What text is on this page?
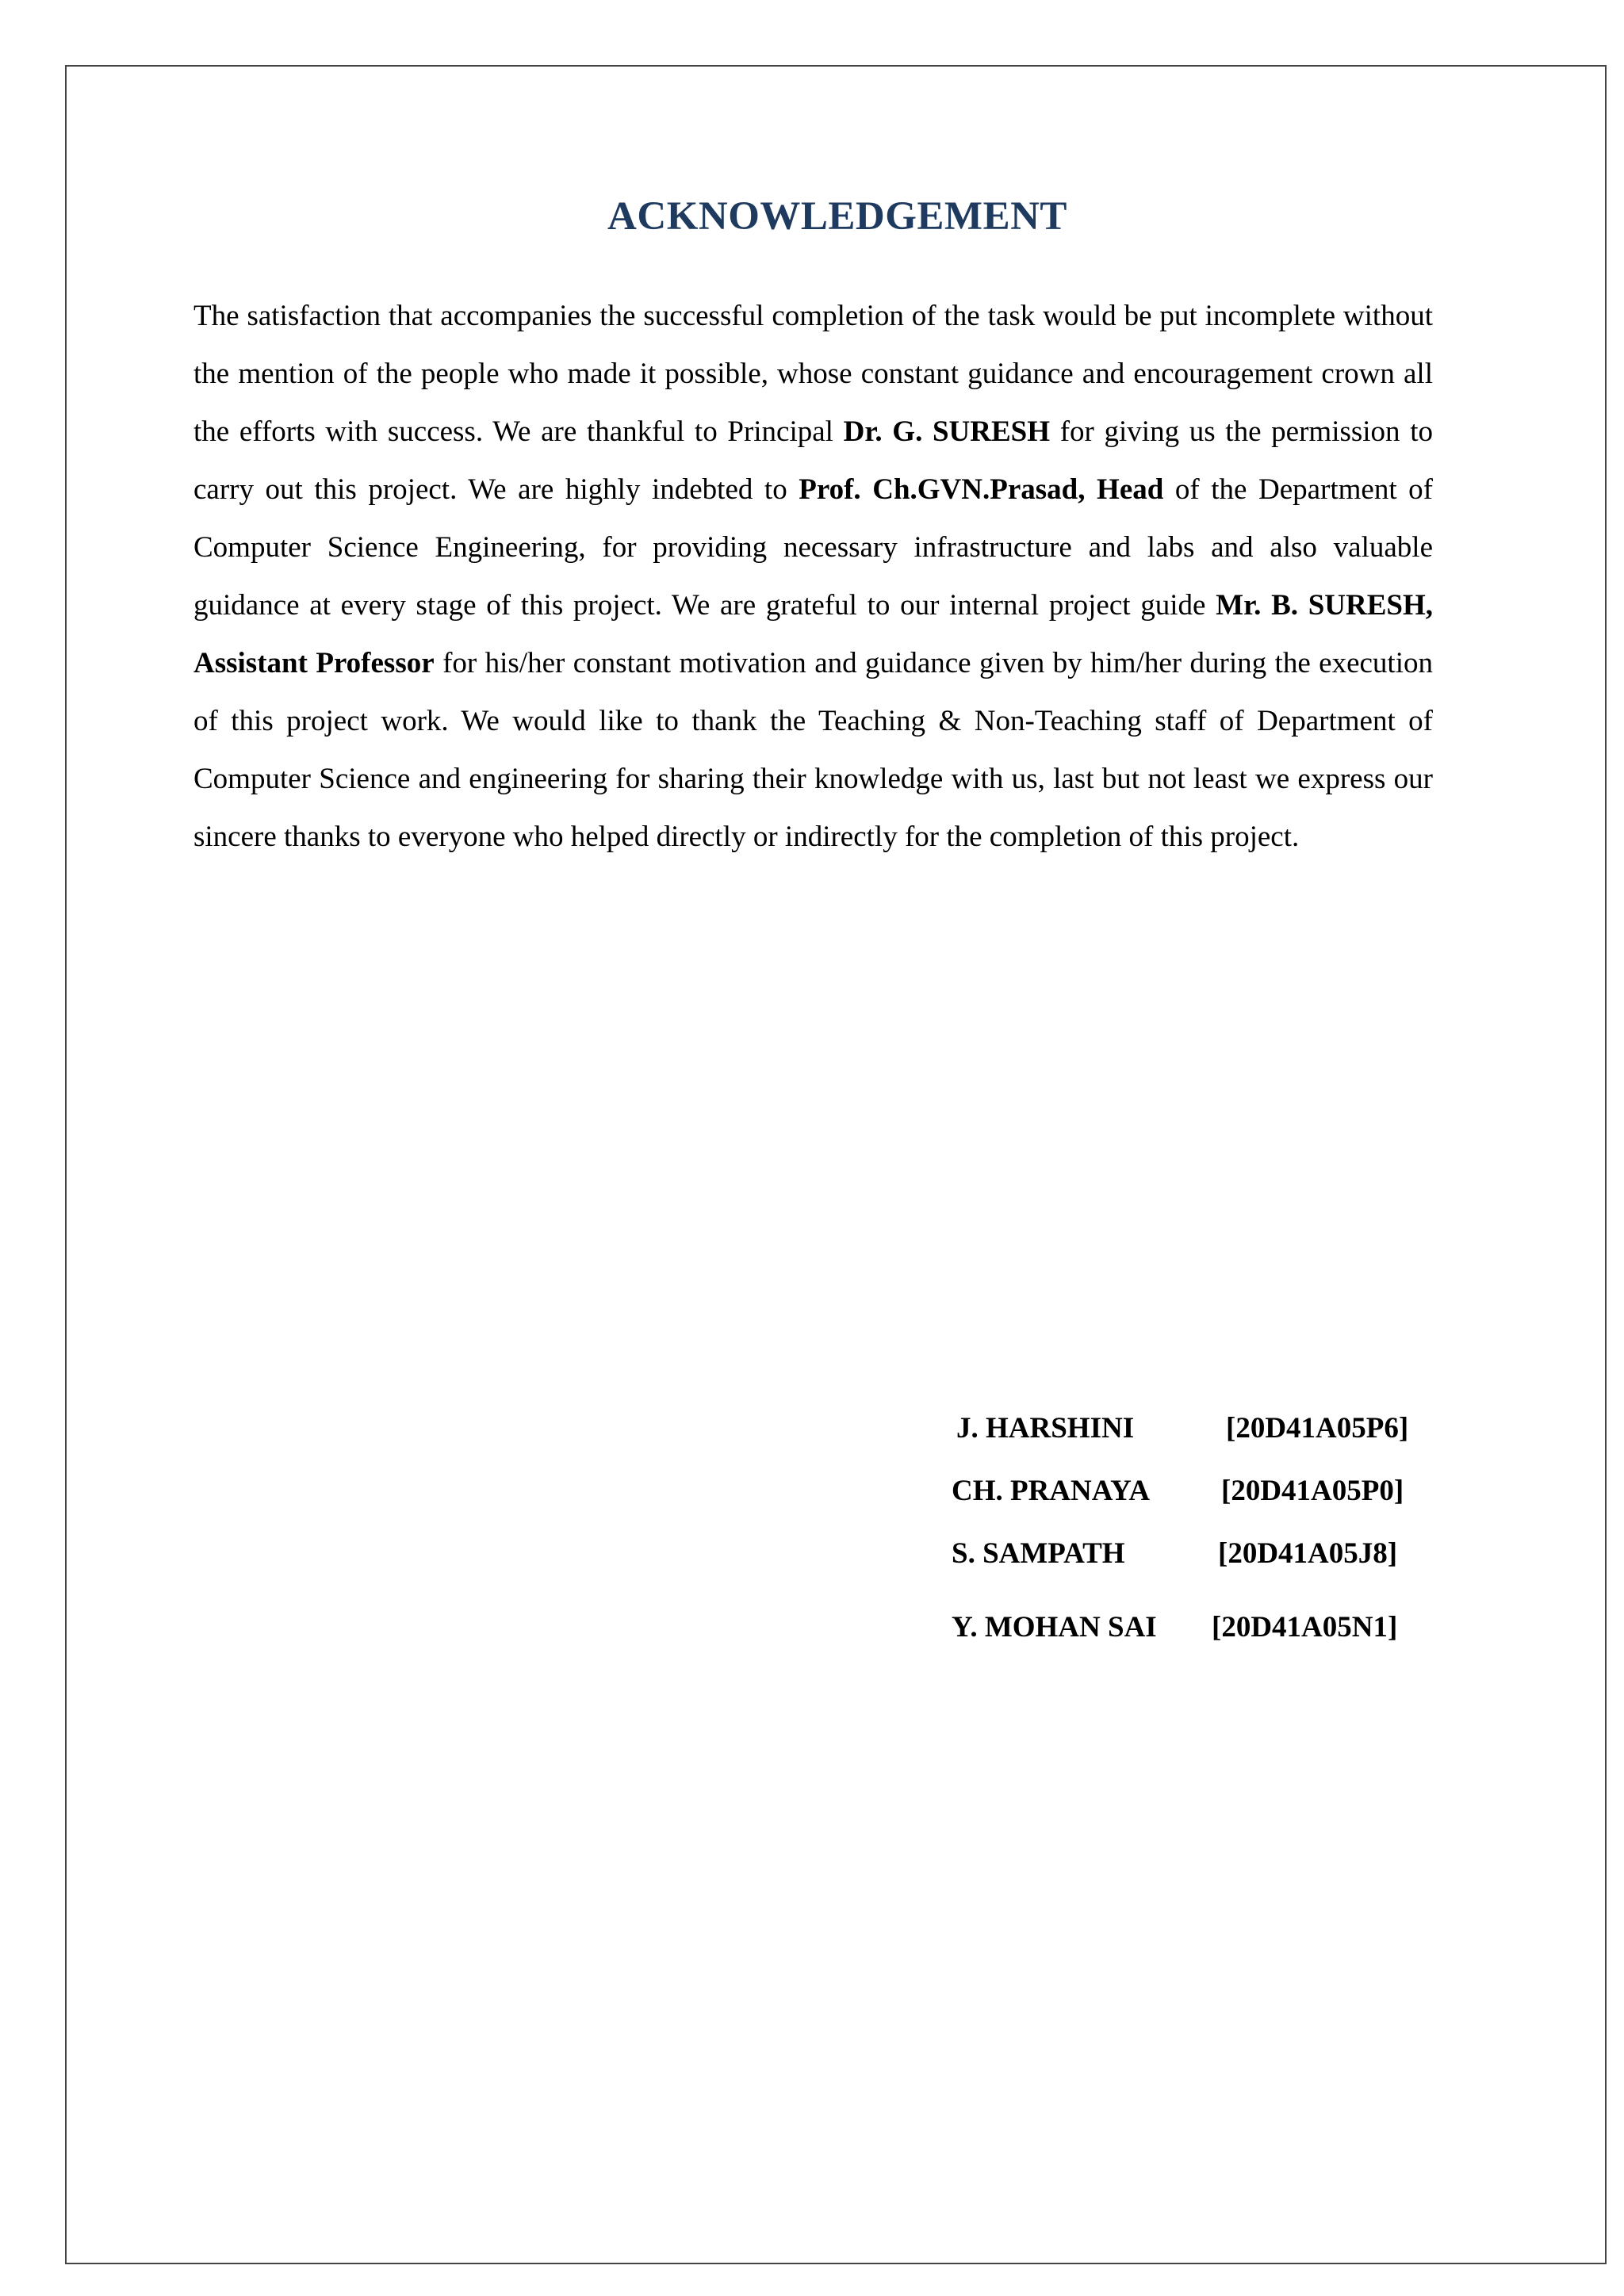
ACKNOWLEDGEMENT

The satisfaction that accompanies the successful completion of the task would be put incomplete without the mention of the people who made it possible, whose constant guidance and encouragement crown all the efforts with success. We are thankful to Principal Dr. G. SURESH for giving us the permission to carry out this project. We are highly indebted to Prof. Ch.GVN.Prasad, Head of the Department of Computer Science Engineering, for providing necessary infrastructure and labs and also valuable guidance at every stage of this project. We are grateful to our internal project guide Mr. B. SURESH, Assistant Professor for his/her constant motivation and guidance given by him/her during the execution of this project work. We would like to thank the Teaching & Non-Teaching staff of Department of Computer Science and engineering for sharing their knowledge with us, last but not least we express our sincere thanks to everyone who helped directly or indirectly for the completion of this project.

J. HARSHINI	[20D41A05P6]
CH. PRANAYA	[20D41A05P0]
S. SAMPATH	[20D41A05J8]
Y. MOHAN SAI	[20D41A05N1]
